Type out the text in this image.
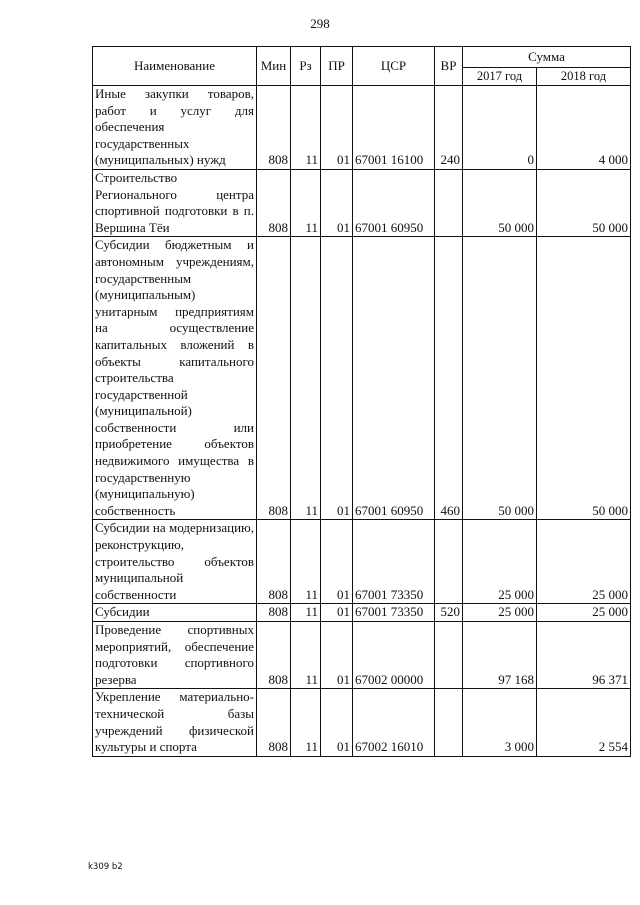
298
Наименование	Мин	Рз	ПР	ЦСР	ВР	Сумма	
						2017 год	2018 год
Иные закупки товаров, работ и услуг для обеспечения государственных (муниципальных) нужд	808	11	01	67001 16100	240	0	4 000
Строительство Регионального центра спортивной подготовки в п. Вершина Тёи	808	11	01	67001 60950		50 000	50 000
Субсидии бюджетным и автономным учреждениям, государственным (муниципальным) унитарным предприятиям на осуществление капитальных вложений в объекты капитального строительства государственной (муниципальной) собственности или приобретение объектов недвижимого имущества в государственную (муниципальную) собственность	808	11	01	67001 60950	460	50 000	50 000
Субсидии на модернизацию, реконструкцию, строительство объектов муниципальной собственности	808	11	01	67001 73350		25 000	25 000
Субсидии	808	11	01	67001 73350	520	25 000	25 000
Проведение спортивных мероприятий, обеспечение подготовки спортивного резерва	808	11	01	67002 00000		97 168	96 371
Укрепление материально-технической базы учреждений физической культуры и спорта	808	11	01	67002 16010		3 000	2 554
k309 b2
